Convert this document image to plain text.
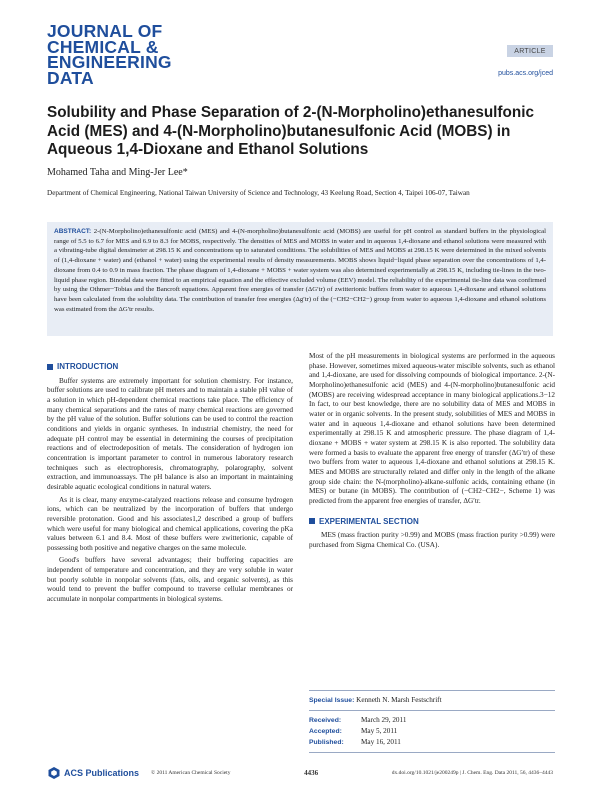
JOURNAL OF
CHEMICAL &
ENGINEERING
DATA
ARTICLE
pubs.acs.org/jced
Solubility and Phase Separation of 2-(N-Morpholino)ethanesulfonic Acid (MES) and 4-(N-Morpholino)butanesulfonic Acid (MOBS) in Aqueous 1,4-Dioxane and Ethanol Solutions
Mohamed Taha and Ming-Jer Lee*
Department of Chemical Engineering, National Taiwan University of Science and Technology, 43 Keelung Road, Section 4, Taipei 106-07, Taiwan
ABSTRACT: 2-(N-Morpholino)ethanesulfonic acid (MES) and 4-(N-morpholino)butanesulfonic acid (MOBS) are useful for pH control as standard buffers in the physiological range of 5.5 to 6.7 for MES and 6.9 to 8.3 for MOBS, respectively. The densities of MES and MOBS in water and in aqueous 1,4-dioxane and ethanol solutions were measured with a vibrating-tube digital densimeter at 298.15 K and concentrations up to saturated conditions. The solubilities of MES and MOBS at 298.15 K were determined in the mixed solvents of (1,4-dioxane + water) and (ethanol + water) using the experimental results of density measurements. MOBS shows liquid−liquid phase separation over the concentrations of 1,4-dioxane from 0.4 to 0.9 in mass fraction. The phase diagram of 1,4-dioxane + MOBS + water system was also determined experimentally at 298.15 K, including tie-lines in the two-liquid phase region. Binodal data were fitted to an empirical equation and the effective excluded volume (EEV) model. The reliability of the experimental tie-line data was confirmed by using the Othmer−Tobias and the Bancroft equations. Apparent free energies of transfer (ΔG′tr) of zwitterionic buffers from water to aqueous 1,4-dioxane and ethanol solutions have been calculated from the solubility data. The contribution of transfer free energies (Δg′tr) of the (−CH2−CH2−) group from water to aqueous 1,4-dioxane and ethanol solutions was estimated from the ΔG′tr results.
INTRODUCTION

Buffer systems are extremely important for solution chemistry. For instance, buffer solutions are used to calibrate pH meters and to maintain a stable pH value of a solution in which pH-dependent chemical reactions take place. The efficiency of many chemical separations and the rates of many chemical reactions are governed by the pH value of the solution. Buffer solutions can be used to control the reaction conditions and yields in organic syntheses. In industrial chemistry, the need for adequate pH control may be essential in determining the courses of precipitation reactions and of electrodeposition of metals. The consideration of hydrogen ion concentration is important parameter to control in numerous laboratory research techniques such as electrophoresis, chromatography, polarography, solvent extraction, and immunoassays. The pH balance is also an important in maintaining desirable aquatic ecological conditions in natural waters.

As it is clear, many enzyme-catalyzed reactions release and consume hydrogen ions, which can be neutralized by the incorporation of buffers that undergo reversible protonation. Good and his associates1,2 described a group of buffers which were useful for many biological and chemical applications, covering the pKa values between 6.1 and 8.4. Most of these buffers were zwitterionic, capable of possessing both positive and negative charges on the same molecule.

Good's buffers have several advantages; their buffering capacities are independent of temperature and concentration, and they are very soluble in water but poorly soluble in nonpolar solvents (fats, oils, and organic solvents), as this would tend to prevent the buffer compound to traverse cellular membranes or accumulate in nonpolar compartments in biological systems.

Most of the pH measurements in biological systems are performed in the aqueous phase. However, sometimes mixed aqueous-water miscible solvents, such as ethanol and 1,4-dioxane, are used for dissolving compounds of biological importance. 2-(N-Morpholino)ethanesulfonic acid (MES) and 4-(N-morpholino)butanesulfonic acid (MOBS) are receiving widespread acceptance in many biological applications.3−12 In fact, to our best knowledge, there are no solubility data of MES and MOBS in water or in organic solvents. In the present study, solubilities of MES and MOBS in water and in aqueous 1,4-dioxane and ethanol solutions have been determined experimentally at 298.15 K and atmospheric pressure. The phase diagram of 1,4-dioxane + MOBS + water system at 298.15 K is also reported. The solubility data were formed a basis to evaluate the apparent free energy of transfer (ΔG′tr) of these two buffers from water to aqueous 1,4-dioxane and ethanol solutions at 298.15 K. MES and MOBS are structurally related and differ only in the length of the alkane group side chain: the N-(morpholino)-alkane-sulfonic acids, containing ethane (in MES) or butane (in MOBS). The contribution of (−CH2−CH2−, Scheme 1) was predicted from the apparent free energies of transfer, ΔG′tr.

EXPERIMENTAL SECTION

MES (mass fraction purity >0.99) and MOBS (mass fraction purity >0.99) were purchased from Sigma Chemical Co. (USA).

Special Issue: Kenneth N. Marsh Festschrift
Received:	March 29, 2011
Accepted:	May 5, 2011
Published:	May 16, 2011
ACS Publications © 2011 American Chemical Society	4436	dx.doi.org/10.1021/je200249p | J. Chem. Eng. Data 2011, 56, 4436–4443
